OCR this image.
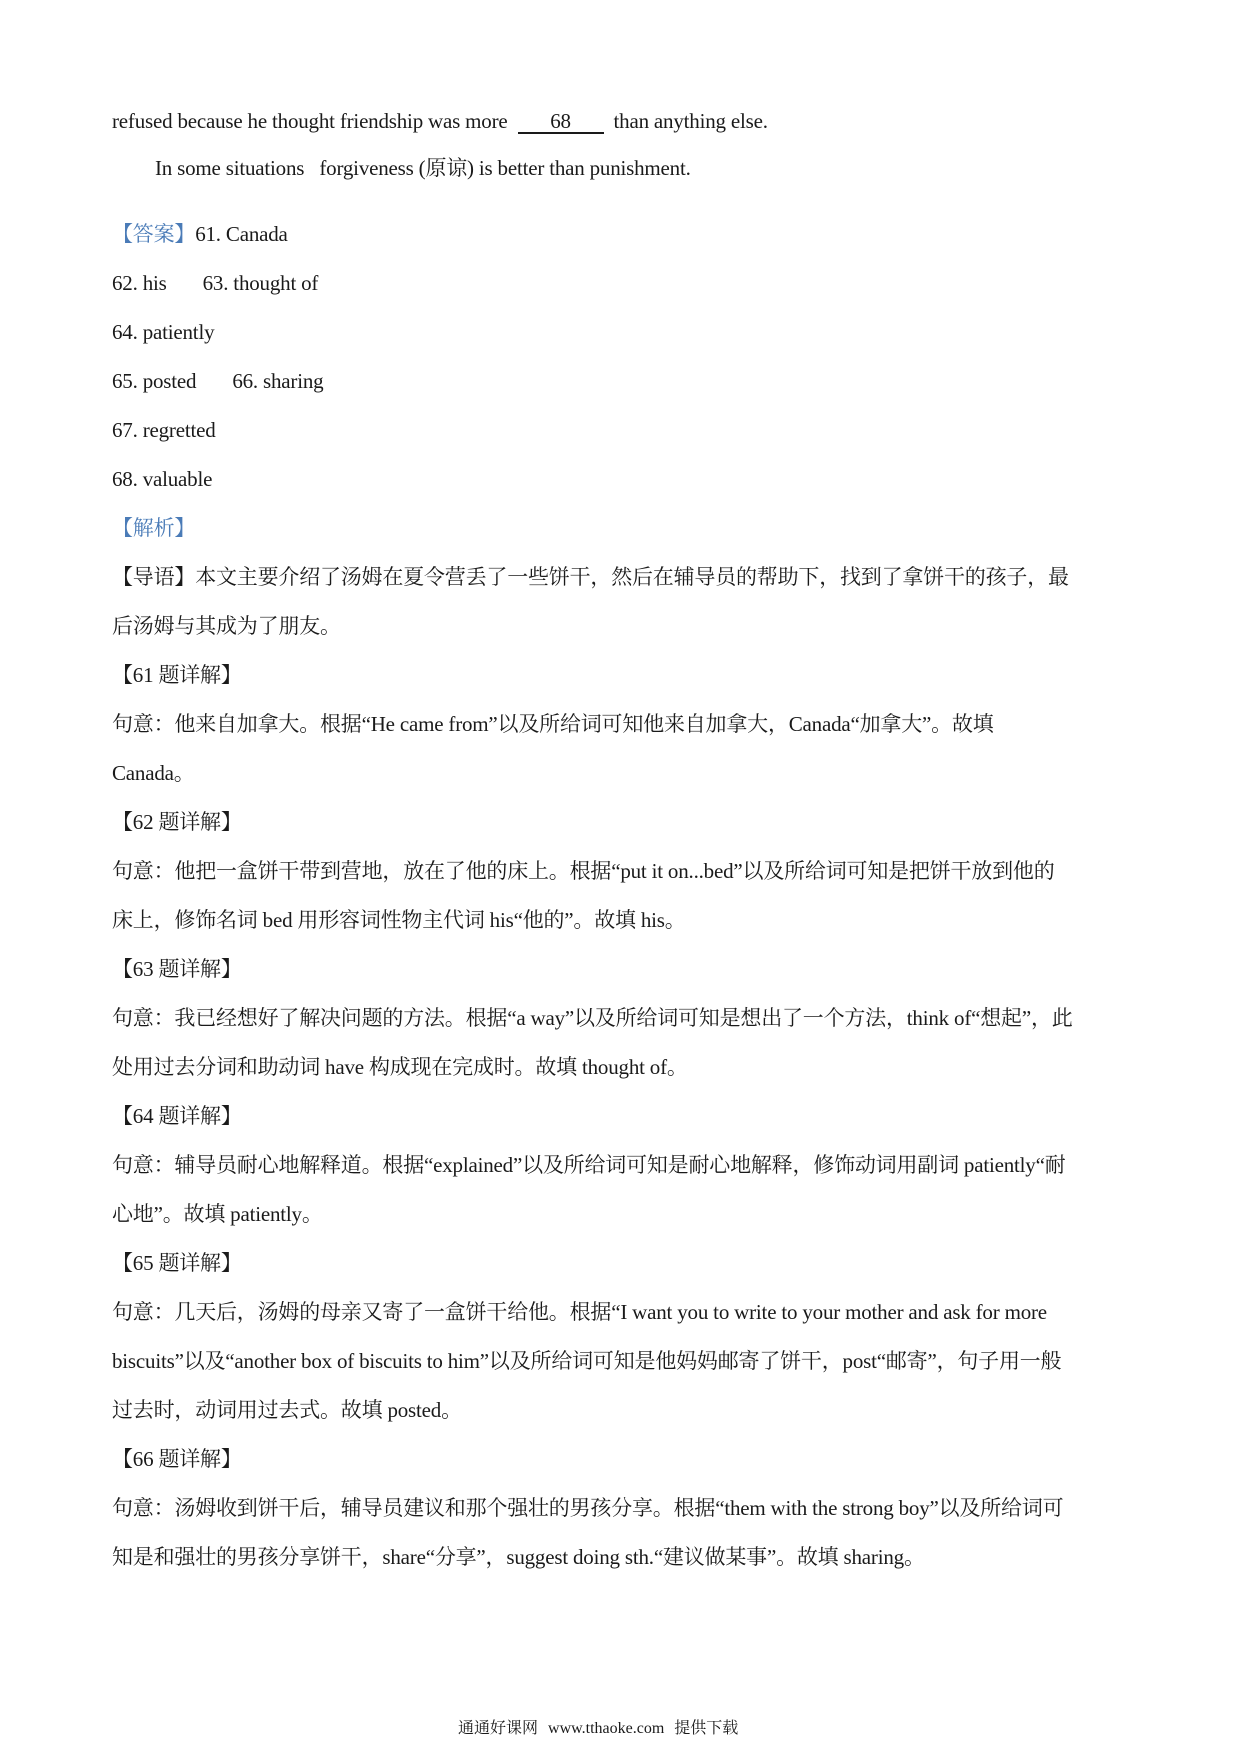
refused because he thought friendship was more 68 than anything else.
In some situations   forgiveness (原谅) is better than punishment.
【答案】61. Canada
62. his 63. thought of
64. patiently
65. posted 66. sharing
67. regretted
68. valuable
【解析】
【导语】本文主要介绍了汤姆在夏令营丢了一些饼干，然后在辅导员的帮助下，找到了拿饼干的孩子，最
后汤姆与其成为了朋友。
【61 题详解】
句意：他来自加拿大。根据“He came from”以及所给词可知他来自加拿大，Canada“加拿大”。故填
Canada。
【62 题详解】
句意：他把一盒饼干带到营地，放在了他的床上。根据“put it on...bed”以及所给词可知是把饼干放到他的
床上，修饰名词 bed 用形容词性物主代词 his“他的”。故填 his。
【63 题详解】
句意：我已经想好了解决问题的方法。根据“a way”以及所给词可知是想出了一个方法，think of“想起”，此
处用过去分词和助动词 have 构成现在完成时。故填 thought of。
【64 题详解】
句意：辅导员耐心地解释道。根据“explained”以及所给词可知是耐心地解释，修饰动词用副词 patiently“耐
心地”。故填 patiently。
【65 题详解】
句意：几天后，汤姆的母亲又寄了一盒饼干给他。根据“I want you to write to your mother and ask for more
biscuits”以及“another box of biscuits to him”以及所给词可知是他妈妈邮寄了饼干，post“邮寄”，句子用一般
过去时，动词用过去式。故填 posted。
【66 题详解】
句意：汤姆收到饼干后，辅导员建议和那个强壮的男孩分享。根据“them with the strong boy”以及所给词可
知是和强壮的男孩分享饼干，share“分享”，suggest doing sth.“建议做某事”。故填 sharing。
通通好课网 www.tthaoke.com 提供下载
